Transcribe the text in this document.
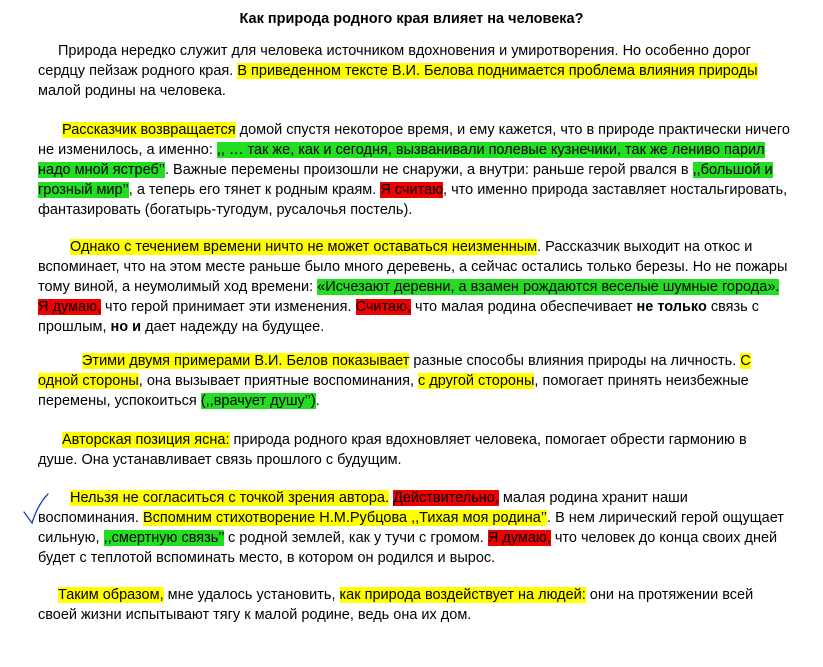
Как природа родного края влияет на человека?

Природа нередко служит для человека источником вдохновения и умиротворения. Но особенно дорог сердцу пейзаж родного края. В приведенном тексте В.И. Белова поднимается проблема влияния природы малой родины на человека.

Рассказчик возвращается домой спустя некоторое время, и ему кажется, что в природе практически ничего не изменилось, а именно: ,, … так же, как и сегодня, вызванивали полевые кузнечики, так же лениво парил надо мной ястреб’’. Важные перемены произошли не снаружи, а внутри: раньше герой рвался в ,,большой и грозный мир’’, а теперь его тянет к родным краям. Я считаю, что именно природа заставляет ностальгировать, фантазировать (богатырь-тугодум, русалочья постель).

Однако с течением времени ничто не может оставаться неизменным. Рассказчик выходит на откос и вспоминает, что на этом месте раньше было много деревень, а сейчас остались только березы. Но не пожары тому виной, а неумолимый ход времени: «Исчезают деревни, а взамен рождаются веселые шумные города». Я думаю, что герой принимает эти изменения. Считаю, что малая родина обеспечивает не только связь с прошлым, но и дает надежду на будущее.

Этими двумя примерами В.И. Белов показывает разные способы влияния природы на личность. С одной стороны, она вызывает приятные воспоминания, с другой стороны, помогает принять неизбежные перемены, успокоиться (,,врачует душу’’).

Авторская позиция ясна: природа родного края вдохновляет человека, помогает обрести гармонию в душе. Она устанавливает связь прошлого с будущим.

Нельзя не согласиться с точкой зрения автора. Действительно, малая родина хранит наши воспоминания. Вспомним стихотворение Н.М.Рубцова ,,Тихая моя родина’’. В нем лирический герой ощущает сильную, ,,смертную связь’’ с родной землей, как у тучи с громом. Я думаю, что человек до конца своих дней будет с теплотой вспоминать место, в котором он родился и вырос.

Таким образом, мне удалось установить, как природа воздействует на людей: они на протяжении всей своей жизни испытывают тягу к малой родине, ведь она их дом.
